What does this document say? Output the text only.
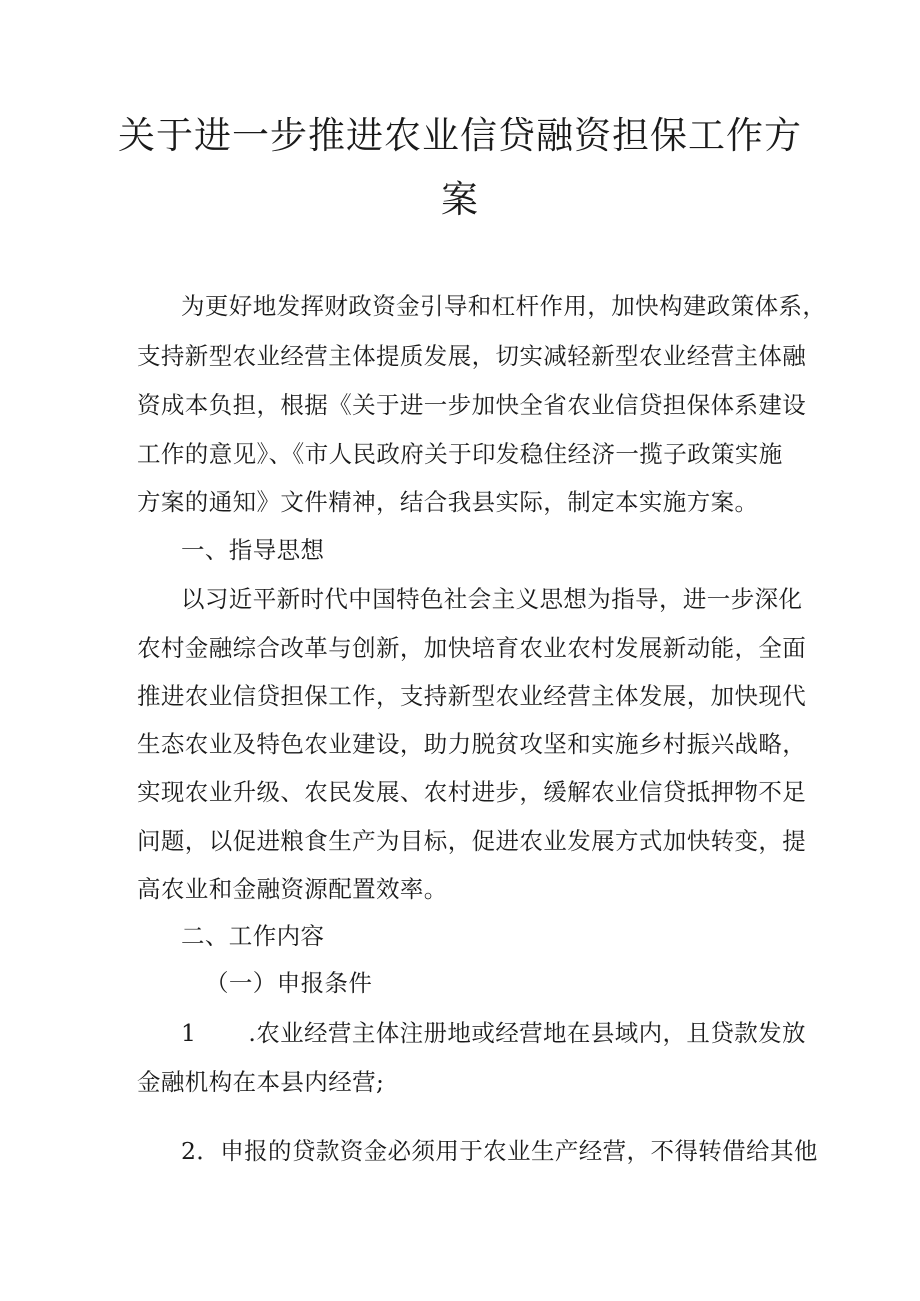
关于进一步推进农业信贷融资担保工作方
案
为更好地发挥财政资金引导和杠杆作用，加快构建政策体系，
支持新型农业经营主体提质发展，切实减轻新型农业经营主体融
资成本负担，根据《关于进一步加快全省农业信贷担保体系建设
工作的意见》、《市人民政府关于印发稳住经济一揽子政策实施
方案的通知》文件精神，结合我县实际，制定本实施方案。
一、指导思想
以习近平新时代中国特色社会主义思想为指导，进一步深化
农村金融综合改革与创新，加快培育农业农村发展新动能，全面
推进农业信贷担保工作，支持新型农业经营主体发展，加快现代
生态农业及特色农业建设，助力脱贫攻坚和实施乡村振兴战略，
实现农业升级、农民发展、农村进步，缓解农业信贷抵押物不足
问题，以促进粮食生产为目标，促进农业发展方式加快转变，提
高农业和金融资源配置效率。
二、工作内容
（一）申报条件
1 .农业经营主体注册地或经营地在县域内，且贷款发放
金融机构在本县内经营;
2．申报的贷款资金必须用于农业生产经营，不得转借给其他
